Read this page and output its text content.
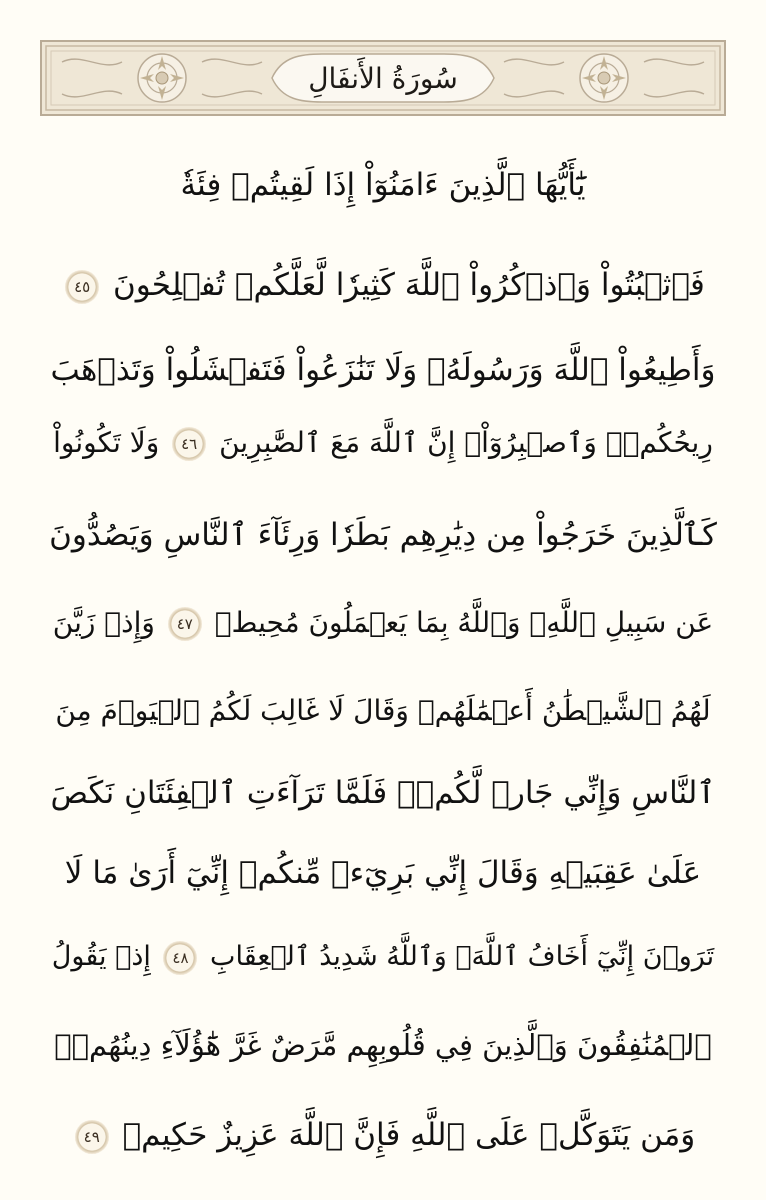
سُورَةُ الأَنفَالِ
يَٰٓأَيُّهَا ٱلَّذِينَ ءَامَنُوٓاْ إِذَا لَقِيتُمۡ فِئَةٗ
فَٱثۡبُتُواْ وَٱذۡكُرُواْ ٱللَّهَ كَثِيرٗا لَّعَلَّكُمۡ تُفۡلِحُونَ ٤٥
وَأَطِيعُواْ ٱللَّهَ وَرَسُولَهُۥ وَلَا تَنَٰزَعُواْ فَتَفۡشَلُواْ وَتَذۡهَبَ
رِيحُكُمۡۖ وَٱصۡبِرُوٓاْۚ إِنَّ ٱللَّهَ مَعَ ٱلصَّٰبِرِينَ ٤٦ وَلَا تَكُونُواْ
كَٱلَّذِينَ خَرَجُواْ مِن دِيَٰرِهِم بَطَرٗا وَرِئَآءَ ٱلنَّاسِ وَيَصُدُّونَ
عَن سَبِيلِ ٱللَّهِۚ وَٱللَّهُ بِمَا يَعۡمَلُونَ مُحِيطٞ ٤٧ وَإِذۡ زَيَّنَ
لَهُمُ ٱلشَّيۡطَٰنُ أَعۡمَٰلَهُمۡ وَقَالَ لَا غَالِبَ لَكُمُ ٱلۡيَوۡمَ مِنَ
ٱلنَّاسِ وَإِنِّي جَارٞ لَّكُمۡۖ فَلَمَّا تَرَآءَتِ ٱلۡفِئَتَانِ نَكَصَ
عَلَىٰ عَقِبَيۡهِ وَقَالَ إِنِّي بَرِيٓءٞ مِّنكُمۡ إِنِّيٓ أَرَىٰ مَا لَا
تَرَوۡنَ إِنِّيٓ أَخَافُ ٱللَّهَۚ وَٱللَّهُ شَدِيدُ ٱلۡعِقَابِ ٤٨ إِذۡ يَقُولُ
ٱلۡمُنَٰفِقُونَ وَٱلَّذِينَ فِي قُلُوبِهِم مَّرَضٌ غَرَّ هَٰٓؤُلَآءِ دِينُهُمۡۗ
وَمَن يَتَوَكَّلۡ عَلَى ٱللَّهِ فَإِنَّ ٱللَّهَ عَزِيزٌ حَكِيمٞ ٤٩
